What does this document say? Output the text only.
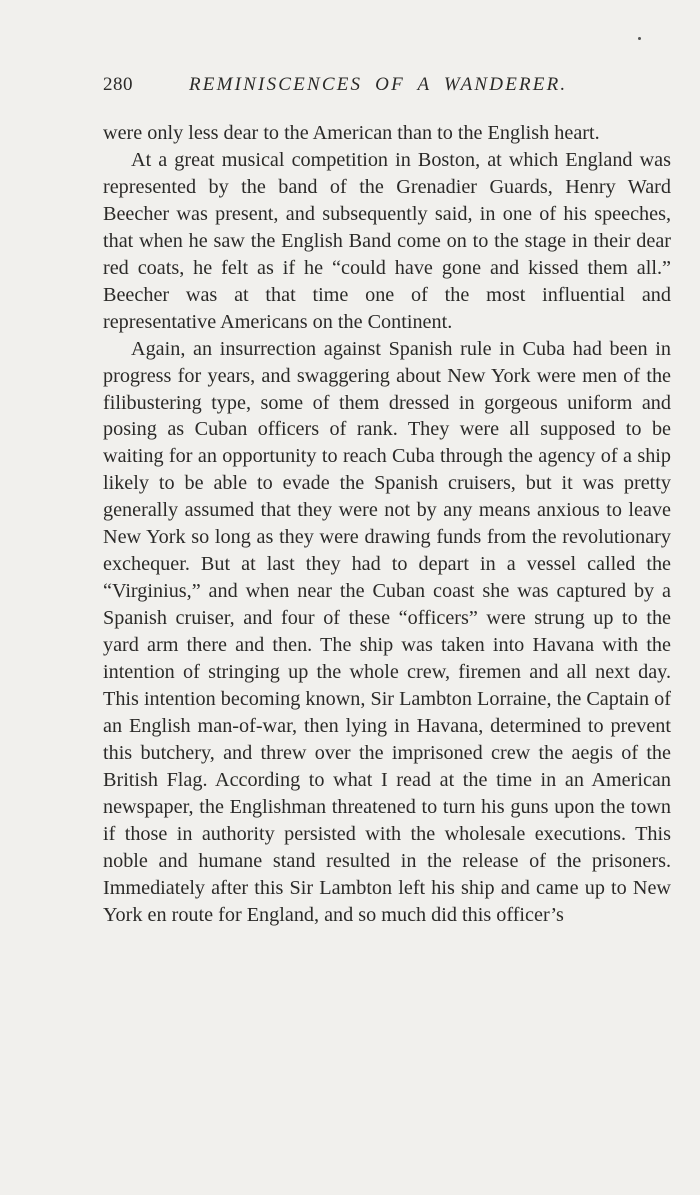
280	REMINISCENCES OF A WANDERER.

were only less dear to the American than to the English heart.

At a great musical competition in Boston, at which England was represented by the band of the Grenadier Guards, Henry Ward Beecher was present, and subsequently said, in one of his speeches, that when he saw the English Band come on to the stage in their dear red coats, he felt as if he “could have gone and kissed them all.” Beecher was at that time one of the most influential and representative Americans on the Continent.

Again, an insurrection against Spanish rule in Cuba had been in progress for years, and swaggering about New York were men of the filibustering type, some of them dressed in gorgeous uniform and posing as Cuban officers of rank. They were all supposed to be waiting for an opportunity to reach Cuba through the agency of a ship likely to be able to evade the Spanish cruisers, but it was pretty generally assumed that they were not by any means anxious to leave New York so long as they were drawing funds from the revolutionary exchequer. But at last they had to depart in a vessel called the “Virginius,” and when near the Cuban coast she was captured by a Spanish cruiser, and four of these “officers” were strung up to the yard arm there and then. The ship was taken into Havana with the intention of stringing up the whole crew, firemen and all next day. This intention becoming known, Sir Lambton Lorraine, the Captain of an English man-of-war, then lying in Havana, determined to prevent this butchery, and threw over the imprisoned crew the aegis of the British Flag. According to what I read at the time in an American newspaper, the Englishman threatened to turn his guns upon the town if those in authority persisted with the wholesale executions. This noble and humane stand resulted in the release of the prisoners. Immediately after this Sir Lambton left his ship and came up to New York en route for England, and so much did this officer’s
